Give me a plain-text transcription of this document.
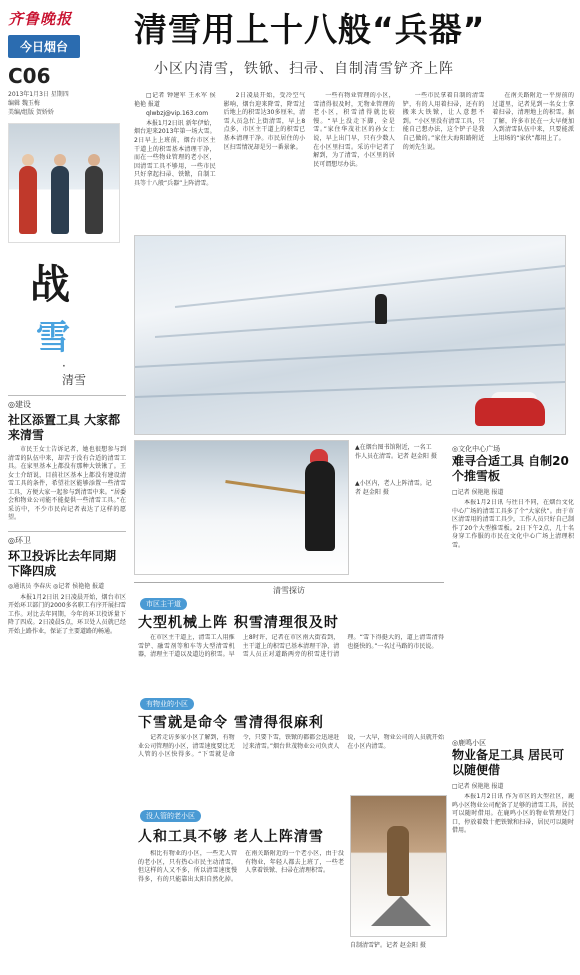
齐鲁晚报
今日烟台
C06
2013年1月3日 星期四
编辑 魏玉梅
美编/组版 贺娇娇
战
雪
·
清雪
◎建设
社区添置工具 大家都来清雪
市民王女士告诉记者，她也很想参与到清雪的队伍中来，却苦于没有合适的清雪工具。在家里基本上都没有那种大铁锹了。王女士介绍说，目前社区基本上都没有建设清雪工具的条件，希望社区能够添置一些清雪工具，方便大家一起参与到清雪中来。“居委会和物业公司能不能提供一些清雪工具。”在采访中，不少市民向记者表达了这样的愿望。
◎环卫
环卫投诉比去年同期下降四成
◎通讯员 李春庆 ◎记者 侯艳艳 报道
本报1月2日讯 2日凌晨开始，烟台市区开始环卫部门的2000多名职工有序开展扫雪工作。对比去年同期，今年的环卫投诉量下降了四成。2日凌晨5点，环卫处人员就已经开始上路作业，保证了主要道路的畅通。
清雪用上十八般“兵器”
小区内清雪，铁锨、扫帚、自制清雪铲齐上阵

□记者 钟建军 王永军 侯艳艳 报道

qlwbzj@vip.163.com

本报1月2日讯 新年伊始，烟台迎来2013年第一场大雪。2日早上上班前，烟台市区主干道上的积雪基本清理干净，而在一些物业管理的老小区，因清雪工具不够用，一些市民只好拿起扫帚、铁锨，自制工具等十八般“兵器”上阵清雪。

2日凌晨开始，受冷空气影响，烟台迎来降雪，降雪过后地上的积雪达30多厘米，清雪人员急忙上街清雪，早上8点多，市区主干道上的积雪已基本清理干净。市民居住的小区扫雪情况却是另一番景象。

一些有物业管理的小区，雪清得很及时，无物业管理的老小区，积雪清得就比较慢。“早上没走下脚，全是雪。”家住华茂社区的孙女士说，早上出门早，只有少数人在小区里扫雪。采访中记者了解到，为了清雪，小区里的居民可谓想尽办法。

一些市民拿着自制的清雪铲，有的人用着扫帚，还有的搬来大铁锨，让人意想不到。“小区里没有清雪工具，只能自己想办法，这个铲子是我自己做的。”家住大海阳路附近的刘先生说。

在南关路附近一平房前的过道里，记者见到一名女士拿着扫帚，清理地上的积雪。据了解，许多市民在一大早便加入到清雪队伍中来，只要能派上用场的“家伙”都用上了。

▲在烟台图书馆附近，一名工作人员在清雪。记者 赵金阳 摄
▲小区内，老人上阵清雪。记者 赵金阳 摄
清雪探访
市区主干道
大型机械上阵 积雪清理很及时

在市区主干道上，清雪工人用推雪铲、融雪剂等和车等大型清雪机器，清理主干道以及道边的积雪。早上8时许，记者在市区南大街看到，主干道上的积雪已基本清理干净，清雪人员正对道路两旁的积雪进行清理。“雪下得挺大的，道上清雪清得也挺快的。”一名过马路的市民说。

有物业的小区
下雪就是命令 雪清得很麻利

记者走访多家小区了解到，有物业公司管理的小区，清雪速度要比无人管的小区快得多。“下雪就是命令，只要下雪，铁锨的都都会迅速赶过来清雪。”烟台世茂物业公司负责人说，一大早，物业公司的人员就开始在小区内清雪。

没人管的老小区
人和工具不够 老人上阵清雪

相比有物业的小区，一些无人管的老小区，只有热心市民主动清雪，但这样的人又不多，所以清雪速度慢得多，有的只能靠出太阳自然化掉。在南关路附近的一个老小区，由于没有物业，年轻人都去上班了，一些老人拿着铁锨、扫帚在清理积雪。

自制清雪铲。记者 赵金阳 摄
◎文化中心广场
难寻合适工具 自制20个推雪板
□记者 侯艳艳 报道
本报1月2日讯 与往日不同，在烟台文化中心广场的清雪工具多了个“大家伙”。由于市区清雪用的清雪工具少，工作人员只好自己制作了20个大型推雪板。2日下午2点，几十名身穿工作服的市民在文化中心广场上清理积雪。
◎鹿鸣小区
物业备足工具 居民可以随便借
□记者 侯艳艳 报道
本报1月2日讯 作为市区的大型社区，鹿鸣小区物业公司配备了足够的清雪工具，居民可以随时借用。在鹿鸣小区的物业管理处门口，停放着数十把铁锨和扫帚，居民可以随时借用。
